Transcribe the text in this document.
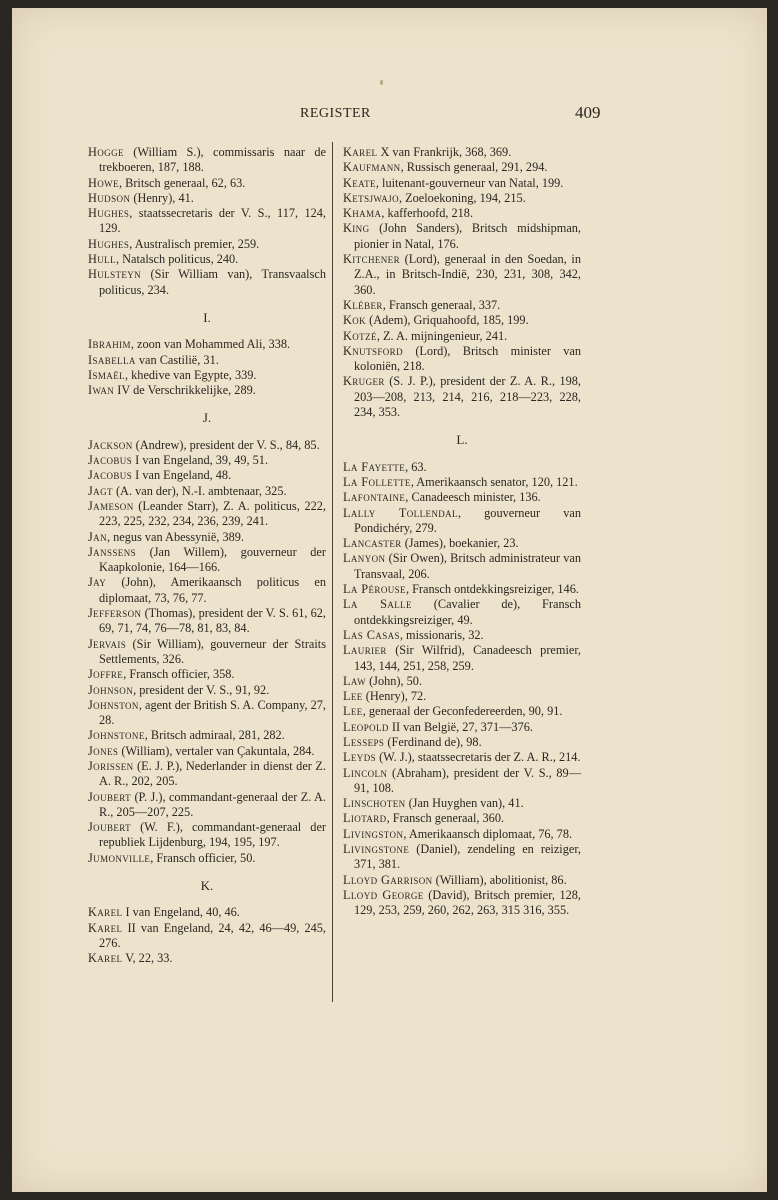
REGISTER	409
Hogge (William S.), commissaris naar de trekboeren, 187, 188.
Howe, Britsch generaal, 62, 63.
Hudson (Henry), 41.
Hughes, staatssecretaris der V. S., 117, 124, 129.
Hughes, Australisch premier, 259.
Hull, Natalsch politicus, 240.
Hulsteyn (Sir William van), Transvaalsch politicus, 234.
I.
Ibrahim, zoon van Mohammed Ali, 338.
Isabella van Castilië, 31.
Ismaël, khedive van Egypte, 339.
Iwan IV de Verschrikkelijke, 289.
J.
Jackson (Andrew), president der V. S., 84, 85.
Jacobus I van Engeland, 39, 49, 51.
Jacobus I van Engeland, 48.
Jagt (A. van der), N.-I. ambtenaar, 325.
Jameson (Leander Starr), Z. A. politicus, 222, 223, 225, 232, 234, 236, 239, 241.
Jan, negus van Abessynië, 389.
Janssens (Jan Willem), gouverneur der Kaapkolonie, 164—166.
Jay (John), Amerikaansch politicus en diplomaat, 73, 76, 77.
Jefferson (Thomas), president der V. S. 61, 62, 69, 71, 74, 76—78, 81, 83, 84.
Jervais (Sir William), gouverneur der Straits Settlements, 326.
Joffre, Fransch officier, 358.
Johnson, president der V. S., 91, 92.
Johnston, agent der British S. A. Company, 27, 28.
Johnstone, Britsch admiraal, 281, 282.
Jones (William), vertaler van Çakuntala, 284.
Jorissen (E. J. P.), Nederlander in dienst der Z. A. R., 202, 205.
Joubert (P. J.), commandant-generaal der Z. A. R., 205—207, 225.
Joubert (W. F.), commandant-generaal der republiek Lijdenburg, 194, 195, 197.
Jumonville, Fransch officier, 50.
K.
Karel I van Engeland, 40, 46.
Karel II van Engeland, 24, 42, 46—49, 245, 276.
Karel V, 22, 33.
Karel X van Frankrijk, 368, 369.
Kaufmann, Russisch generaal, 291, 294.
Keate, luitenant-gouverneur van Natal, 199.
Ketsjwajo, Zoeloekoning, 194, 215.
Khama, kafferhoofd, 218.
King (John Sanders), Britsch midshipman, pionier in Natal, 176.
Kitchener (Lord), generaal in den Soedan, in Z.A., in Britsch-Indië, 230, 231, 308, 342, 360.
Kléber, Fransch generaal, 337.
Kok (Adem), Griquahoofd, 185, 199.
Kotzé, Z. A. mijningenieur, 241.
Knutsford (Lord), Britsch minister van koloniën, 218.
Kruger (S. J. P.), president der Z. A. R., 198, 203—208, 213, 214, 216, 218—223, 228, 234, 353.
L.
La Fayette, 63.
La Follette, Amerikaansch senator, 120, 121.
Lafontaine, Canadeesch minister, 136.
Lally Tollendal, gouverneur van Pondichéry, 279.
Lancaster (James), boekanier, 23.
Lanyon (Sir Owen), Britsch administrateur van Transvaal, 206.
La Pérouse, Fransch ontdekkingsreiziger, 146.
La Salle (Cavalier de), Fransch ontdekkingsreiziger, 49.
Las Casas, missionaris, 32.
Laurier (Sir Wilfrid), Canadeesch premier, 143, 144, 251, 258, 259.
Law (John), 50.
Lee (Henry), 72.
Lee, generaal der Geconfedereerden, 90, 91.
Leopold II van België, 27, 371—376.
Lesseps (Ferdinand de), 98.
Leyds (W. J.), staatssecretaris der Z. A. R., 214.
Lincoln (Abraham), president der V. S., 89—91, 108.
Linschoten (Jan Huyghen van), 41.
Liotard, Fransch generaal, 360.
Livingston, Amerikaansch diplomaat, 76, 78.
Livingstone (Daniel), zendeling en reiziger, 371, 381.
Lloyd Garrison (William), abolitionist, 86.
Lloyd George (David), Britsch premier, 128, 129, 253, 259, 260, 262, 263, 315 316, 355.
